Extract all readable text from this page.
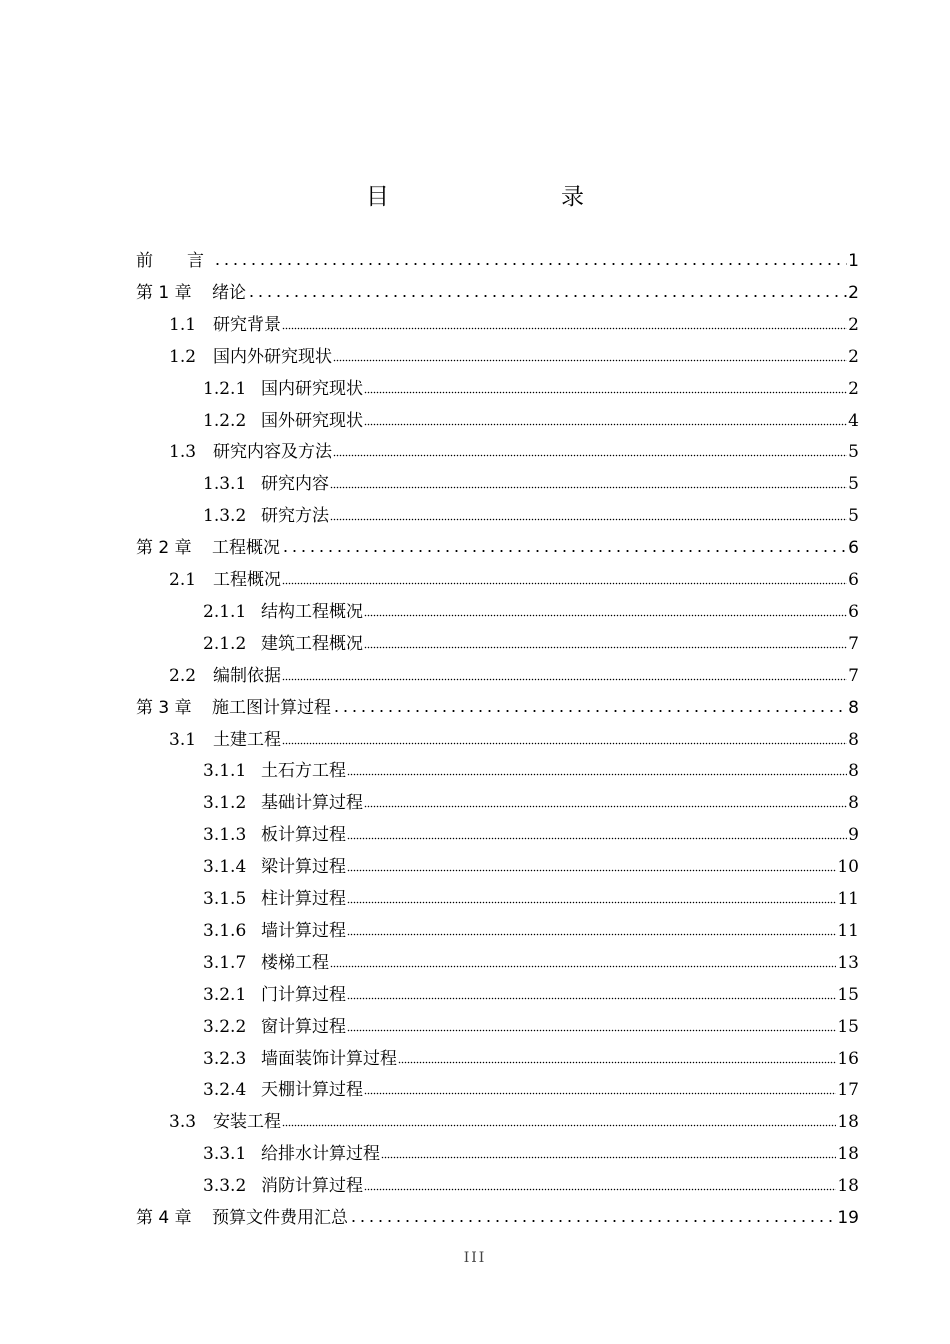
目　　录
前　　言	1
第 1 章	绪论	2
1.1 研究背景	2
1.2 国内外研究现状	2
1.2.1 国内研究现状	2
1.2.2 国外研究现状	4
1.3 研究内容及方法	5
1.3.1 研究内容	5
1.3.2 研究方法	5
第 2 章	工程概况	6
2.1 工程概况	6
2.1.1 结构工程概况	6
2.1.2 建筑工程概况	7
2.2 编制依据	7
第 3 章	施工图计算过程	8
3.1 土建工程	8
3.1.1 土石方工程	8
3.1.2 基础计算过程	8
3.1.3 板计算过程	9
3.1.4 梁计算过程	10
3.1.5 柱计算过程	11
3.1.6 墙计算过程	11
3.1.7 楼梯工程	13
3.2.1 门计算过程	15
3.2.2 窗计算过程	15
3.2.3 墙面装饰计算过程	16
3.2.4 天棚计算过程	17
3.3 安装工程	18
3.3.1 给排水计算过程	18
3.3.2 消防计算过程	18
第 4 章	预算文件费用汇总	19
III
